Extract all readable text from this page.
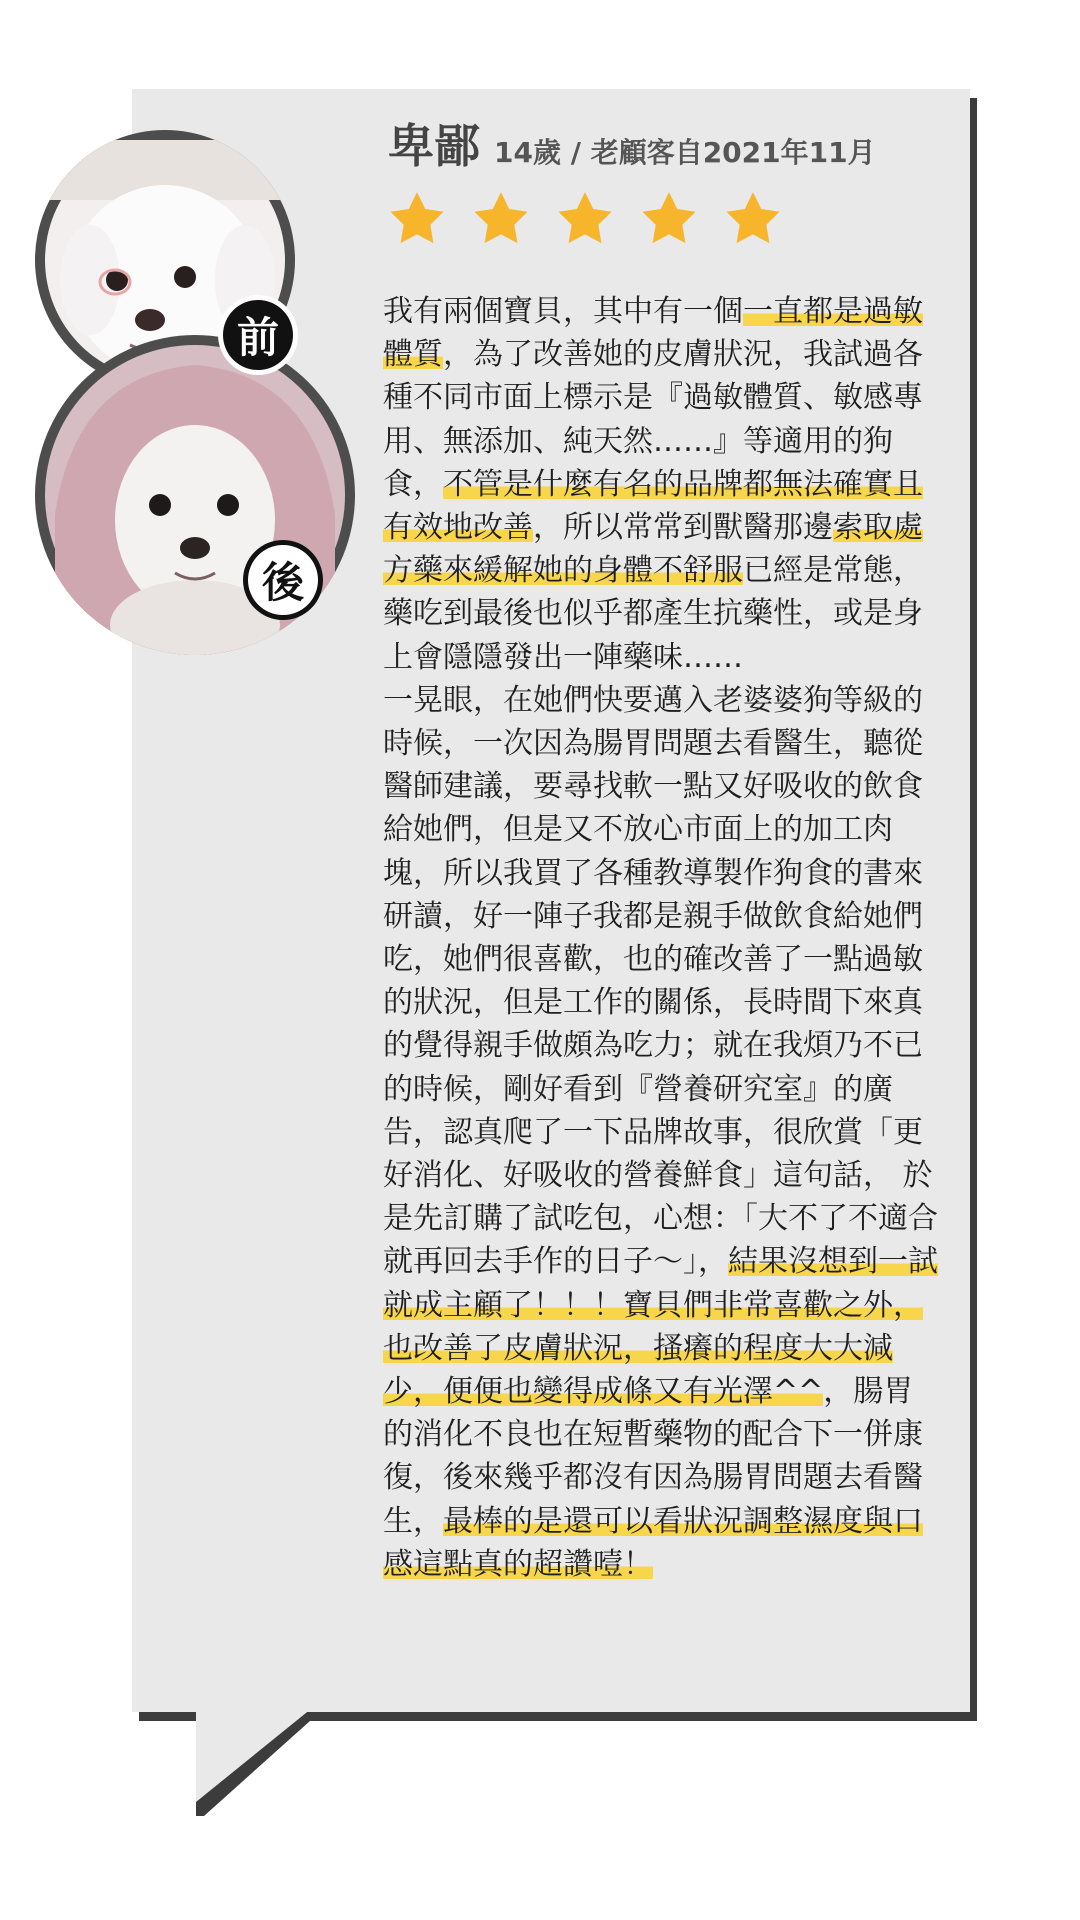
卑鄙 14歲 / 老顧客自2021年11月

我有兩個寶貝，其中有一個一直都是過敏體質，為了改善她的皮膚狀況，我試過各種不同市面上標示是『過敏體質、敏感專用、無添加、純天然……』等適用的狗食，不管是什麼有名的品牌都無法確實且有效地改善，所以常常到獸醫那邊索取處方藥來緩解她的身體不舒服已經是常態，藥吃到最後也似乎都產生抗藥性，或是身上會隱隱發出一陣藥味……

一晃眼，在她們快要邁入老婆婆狗等級的時候，一次因為腸胃問題去看醫生，聽從醫師建議，要尋找軟一點又好吸收的飲食給她們，但是又不放心市面上的加工肉塊，所以我買了各種教導製作狗食的書來研讀，好一陣子我都是親手做飲食給她們吃，她們很喜歡，也的確改善了一點過敏的狀況，但是工作的關係，長時間下來真的覺得親手做頗為吃力；就在我煩乃不已的時候，剛好看到『營養研究室』的廣告，認真爬了一下品牌故事，很欣賞「更好消化、好吸收的營養鮮食」這句話， 於是先訂購了試吃包，心想：「大不了不適合就再回去手作的日子～」，結果沒想到一試就成主顧了！！！寶貝們非常喜歡之外，也改善了皮膚狀況，搔癢的程度大大減少，便便也變得成條又有光澤^^，腸胃的消化不良也在短暫藥物的配合下一併康復，後來幾乎都沒有因為腸胃問題去看醫生，最棒的是還可以看狀況調整濕度與口感這點真的超讚噎！

前
後
